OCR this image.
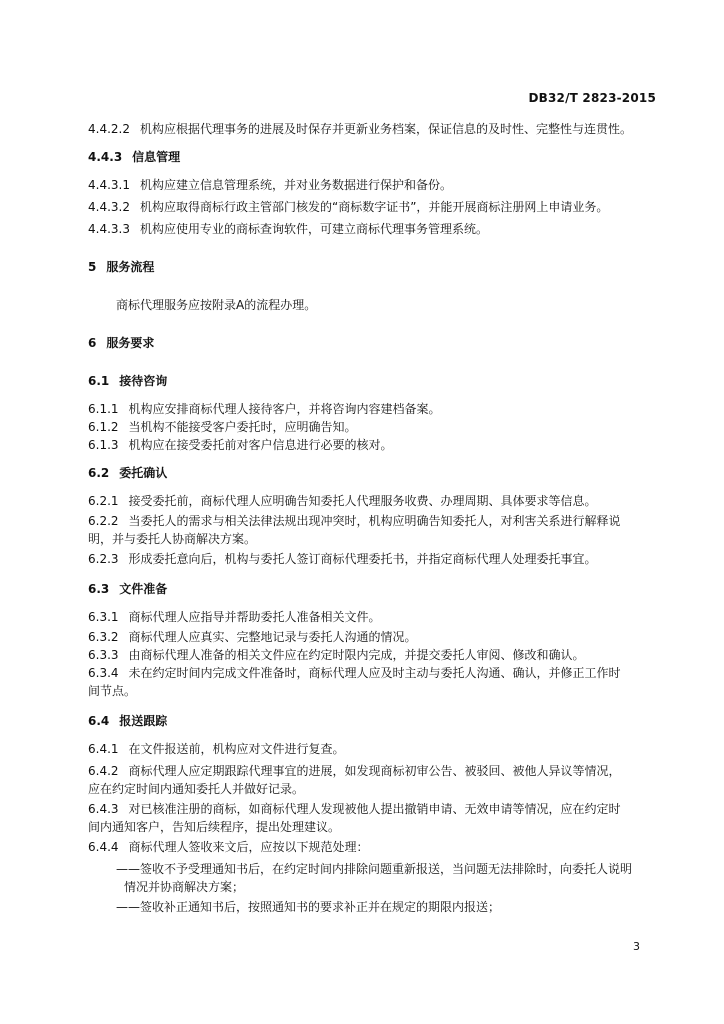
DB32/T 2823-2015
4.4.2.2 机构应根据代理事务的进展及时保存并更新业务档案，保证信息的及时性、完整性与连贯性。
4.4.3 信息管理
4.4.3.1 机构应建立信息管理系统，并对业务数据进行保护和备份。
4.4.3.2 机构应取得商标行政主管部门核发的“商标数字证书”，并能开展商标注册网上申请业务。
4.4.3.3 机构应使用专业的商标查询软件，可建立商标代理事务管理系统。
5 服务流程
商标代理服务应按附录A的流程办理。
6 服务要求
6.1 接待咨询
6.1.1 机构应安排商标代理人接待客户，并将咨询内容建档备案。
6.1.2 当机构不能接受客户委托时，应明确告知。
6.1.3 机构应在接受委托前对客户信息进行必要的核对。
6.2 委托确认
6.2.1 接受委托前，商标代理人应明确告知委托人代理服务收费、办理周期、具体要求等信息。
6.2.2 当委托人的需求与相关法律法规出现冲突时，机构应明确告知委托人，对利害关系进行解释说
明，并与委托人协商解决方案。
6.2.3 形成委托意向后，机构与委托人签订商标代理委托书，并指定商标代理人处理委托事宜。
6.3 文件准备
6.3.1 商标代理人应指导并帮助委托人准备相关文件。
6.3.2 商标代理人应真实、完整地记录与委托人沟通的情况。
6.3.3 由商标代理人准备的相关文件应在约定时限内完成，并提交委托人审阅、修改和确认。
6.3.4 未在约定时间内完成文件准备时，商标代理人应及时主动与委托人沟通、确认，并修正工作时
间节点。
6.4 报送跟踪
6.4.1 在文件报送前，机构应对文件进行复查。
6.4.2 商标代理人应定期跟踪代理事宜的进展，如发现商标初审公告、被驳回、被他人异议等情况，
应在约定时间内通知委托人并做好记录。
6.4.3 对已核准注册的商标，如商标代理人发现被他人提出撤销申请、无效申请等情况，应在约定时
间内通知客户，告知后续程序，提出处理建议。
6.4.4 商标代理人签收来文后，应按以下规范处理：
——签收不予受理通知书后，在约定时间内排除问题重新报送，当问题无法排除时，向委托人说明
情况并协商解决方案；
——签收补正通知书后，按照通知书的要求补正并在规定的期限内报送；
3
